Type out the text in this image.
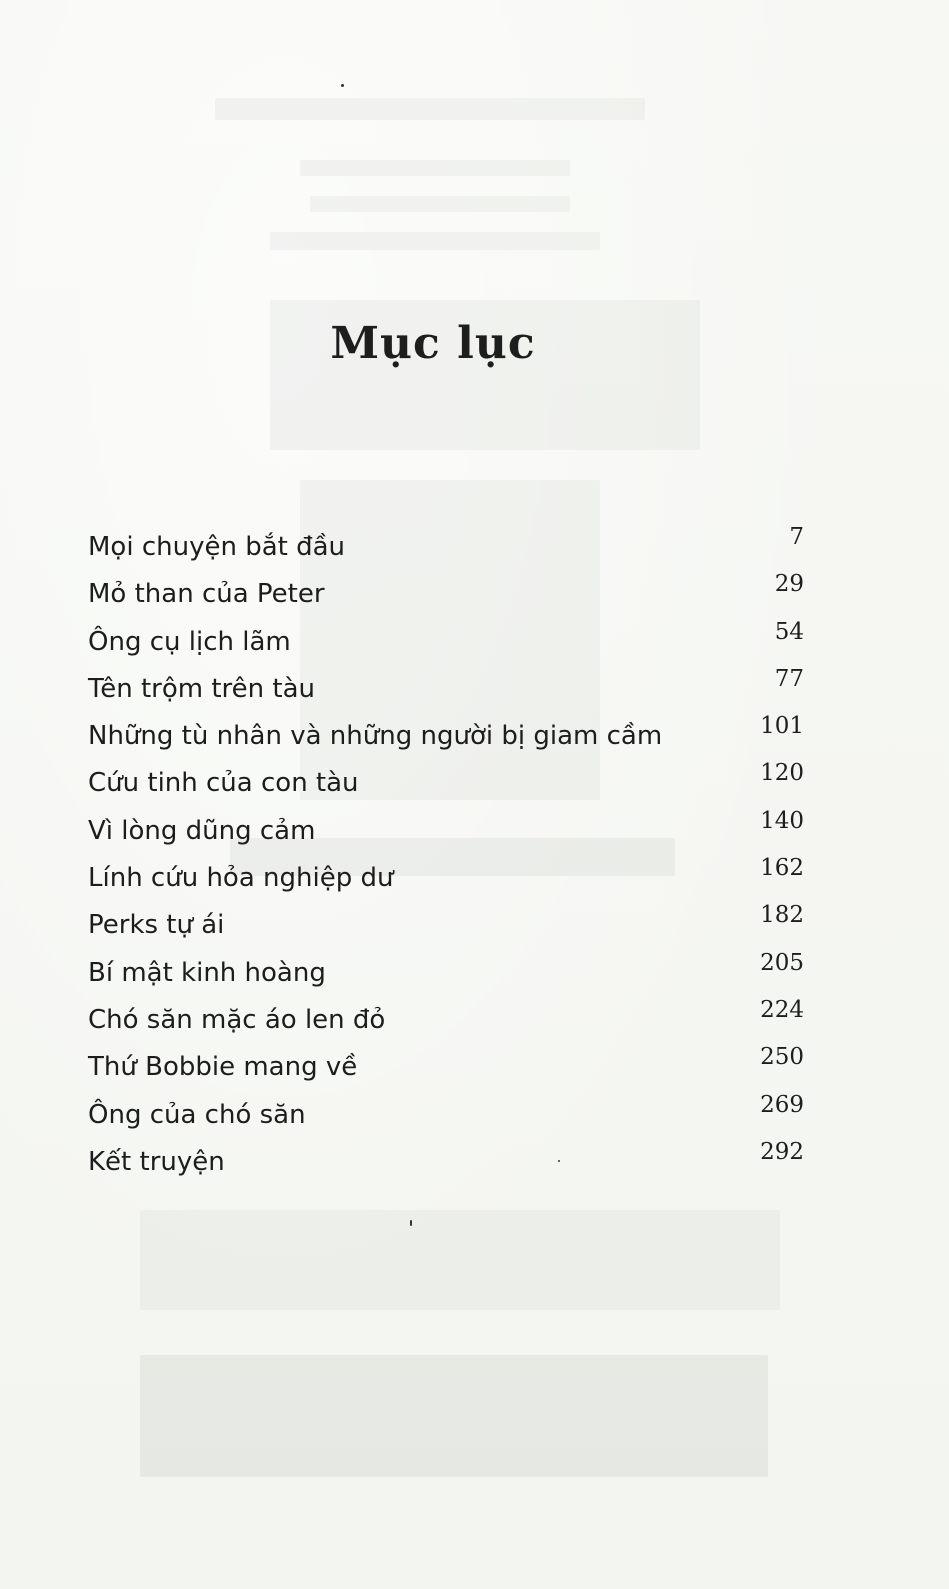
Mục lục
Mọi chuyện bắt đầu	7
Mỏ than của Peter	29
Ông cụ lịch lãm	54
Tên trộm trên tàu	77
Những tù nhân và những người bị giam cầm	101
Cứu tinh của con tàu	120
Vì lòng dũng cảm	140
Lính cứu hỏa nghiệp dư	162
Perks tự ái	182
Bí mật kinh hoàng	205
Chó săn mặc áo len đỏ	224
Thứ Bobbie mang về	250
Ông của chó săn	269
Kết truyện	292
